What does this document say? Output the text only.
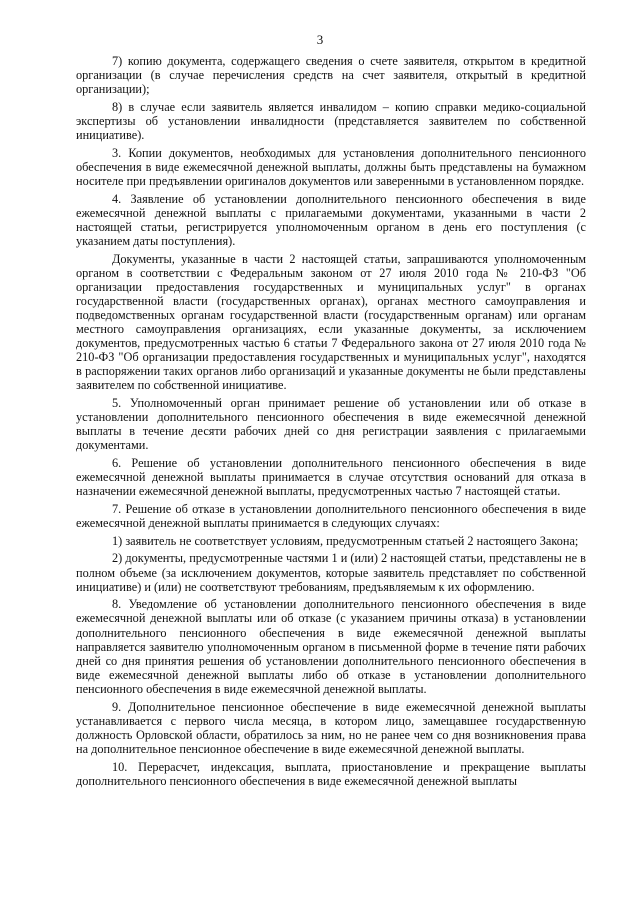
3

7) копию документа, содержащего сведения о счете заявителя, открытом в кредитной организации (в случае перечисления средств на счет заявителя, открытый в кредитной организации);

8) в случае если заявитель является инвалидом – копию справки медико-социальной экспертизы об установлении инвалидности (представляется заявителем по собственной инициативе).

3. Копии документов, необходимых для установления дополнительного пенсионного обеспечения в виде ежемесячной денежной выплаты, должны быть представлены на бумажном носителе при предъявлении оригиналов документов или заверенными в установленном порядке.

4. Заявление об установлении дополнительного пенсионного обеспечения в виде ежемесячной денежной выплаты с прилагаемыми документами, указанными в части 2 настоящей статьи, регистрируется уполномоченным органом в день его поступления (с указанием даты поступления).

Документы, указанные в части 2 настоящей статьи, запрашиваются уполномоченным органом в соответствии с Федеральным законом от 27 июля 2010 года № 210-ФЗ "Об организации предоставления государственных и муниципальных услуг" в органах государственной власти (государственных органах), органах местного самоуправления и подведомственных органам государственной власти (государственным органам) или органам местного самоуправления организациях, если указанные документы, за исключением документов, предусмотренных частью 6 статьи 7 Федерального закона от 27 июля 2010 года № 210-ФЗ "Об организации предоставления государственных и муниципальных услуг", находятся в распоряжении таких органов либо организаций и указанные документы не были представлены заявителем по собственной инициативе.

5. Уполномоченный орган принимает решение об установлении или об отказе в установлении дополнительного пенсионного обеспечения в виде ежемесячной денежной выплаты в течение десяти рабочих дней со дня регистрации заявления с прилагаемыми документами.

6. Решение об установлении дополнительного пенсионного обеспечения в виде ежемесячной денежной выплаты принимается в случае отсутствия оснований для отказа в назначении ежемесячной денежной выплаты, предусмотренных частью 7 настоящей статьи.

7. Решение об отказе в установлении дополнительного пенсионного обеспечения в виде ежемесячной денежной выплаты принимается в следующих случаях:

1) заявитель не соответствует условиям, предусмотренным статьей 2 настоящего Закона;

2) документы, предусмотренные частями 1 и (или) 2 настоящей статьи, представлены не в полном объеме (за исключением документов, которые заявитель представляет по собственной инициативе) и (или) не соответствуют требованиям, предъявляемым к их оформлению.

8. Уведомление об установлении дополнительного пенсионного обеспечения в виде ежемесячной денежной выплаты или об отказе (с указанием причины отказа) в установлении дополнительного пенсионного обеспечения в виде ежемесячной денежной выплаты направляется заявителю уполномоченным органом в письменной форме в течение пяти рабочих дней со дня принятия решения об установлении дополнительного пенсионного обеспечения в виде ежемесячной денежной выплаты либо об отказе в установлении дополнительного пенсионного обеспечения в виде ежемесячной денежной выплаты.

9. Дополнительное пенсионное обеспечение в виде ежемесячной денежной выплаты устанавливается с первого числа месяца, в котором лицо, замещавшее государственную должность Орловской области, обратилось за ним, но не ранее чем со дня возникновения права на дополнительное пенсионное обеспечение в виде ежемесячной денежной выплаты.

10. Перерасчет, индексация, выплата, приостановление и прекращение выплаты дополнительного пенсионного обеспечения в виде ежемесячной денежной выплаты
